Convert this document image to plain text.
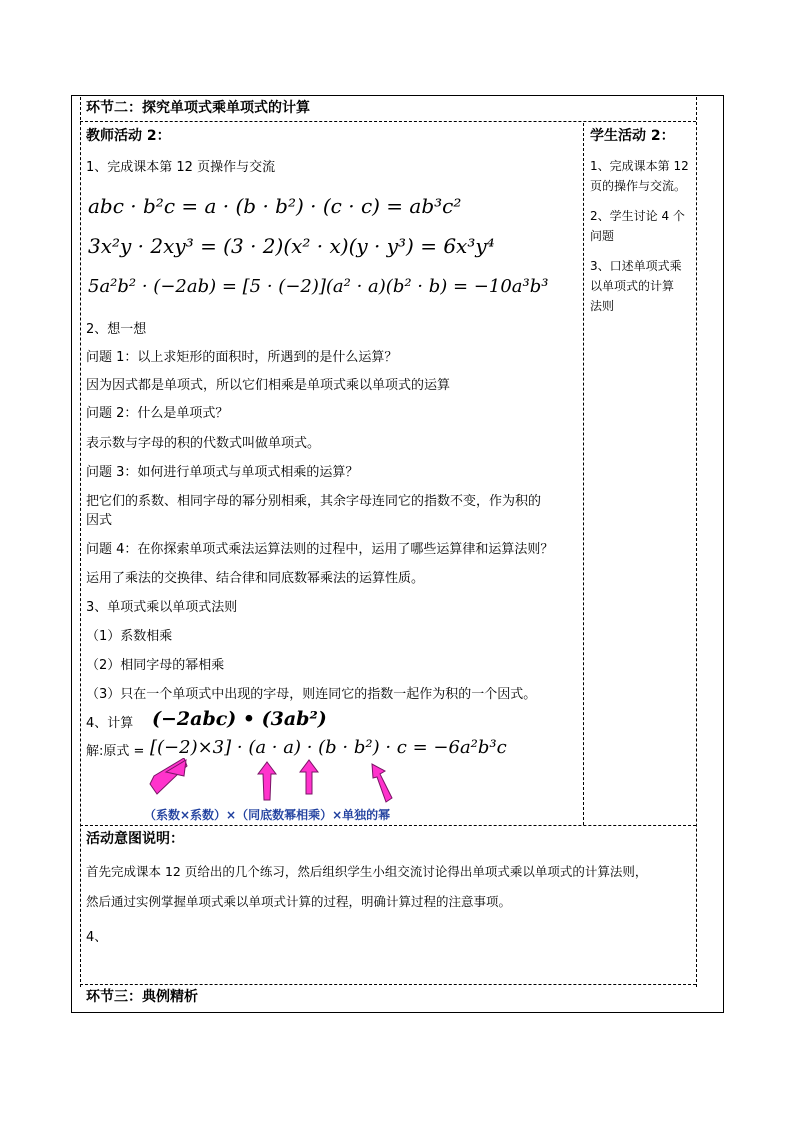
环节二：探究单项式乘单项式的计算
教师活动 2：
1、完成课本第 12 页操作与交流
abc · b²c = a · (b · b²) · (c · c) = ab³c²
3x²y · 2xy³ = (3 · 2)(x² · x)(y · y³) = 6x³y⁴
5a²b² · (−2ab) = [5 · (−2)](a² · a)(b² · b) = −10a³b³
2、想一想
问题 1：以上求矩形的面积时，所遇到的是什么运算？
因为因式都是单项式，所以它们相乘是单项式乘以单项式的运算
问题 2：什么是单项式？
表示数与字母的积的代数式叫做单项式。
问题 3：如何进行单项式与单项式相乘的运算？
把它们的系数、相同字母的幂分别相乘，其余字母连同它的指数不变，作为积的
因式
问题 4：在你探索单项式乘法运算法则的过程中，运用了哪些运算律和运算法则？
运用了乘法的交换律、结合律和同底数幂乘法的运算性质。
3、单项式乘以单项式法则
（1）系数相乘
（2）相同字母的幂相乘
（3）只在一个单项式中出现的字母，则连同它的指数一起作为积的一个因式。
4、计算 (−2abc) • (3ab²)
解:原式 = [(−2)×3] · (a · a) · (b · b²) · c = −6a²b³c
（系数×系数）×（同底数幂相乘）×单独的幂
学生活动 2：
1、完成课本第 12
页的操作与交流。
2、学生讨论 4 个
问题
3、口述单项式乘
以单项式的计算
法则
活动意图说明：
首先完成课本 12 页给出的几个练习，然后组织学生小组交流讨论得出单项式乘以单项式的计算法则，
然后通过实例掌握单项式乘以单项式计算的过程，明确计算过程的注意事项。
4、
环节三：典例精析
